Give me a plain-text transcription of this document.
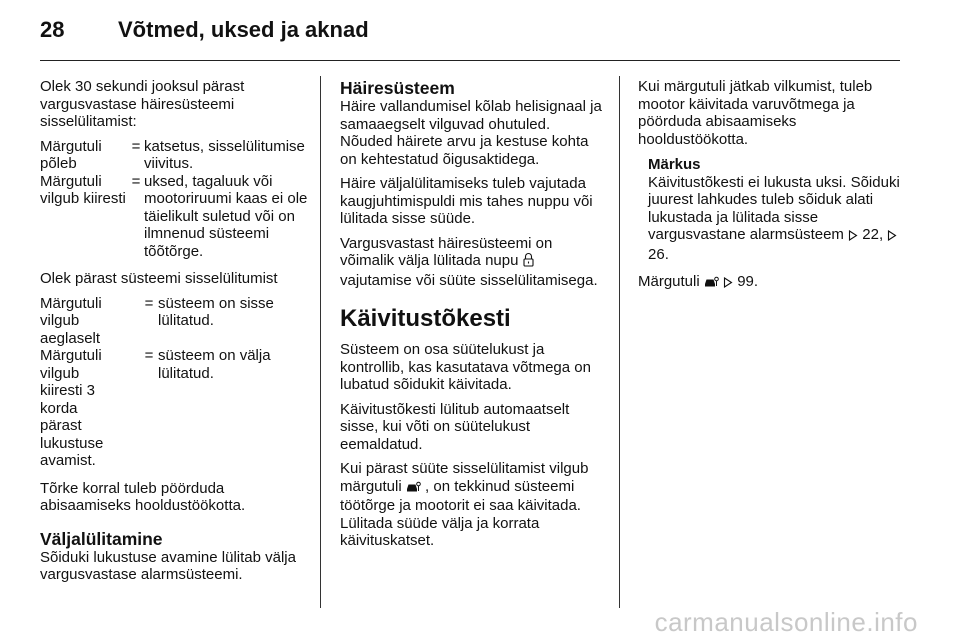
28 Võtmed, uksed ja aknad

Olek 30 sekundi jooksul pärast vargusvastase häiresüsteemi sisselülitamist:

Märgutuli põleb	=	katsetus, sisselülitumise viivitus.
Märgutuli vilgub kiiresti	=	uksed, tagaluuk või mootoriruumi kaas ei ole täielikult suletud või on ilmnenud süsteemi tõõtõrge.

Olek pärast süsteemi sisselülitumist

Märgutuli vilgub aeglaselt	=	süsteem on sisse lülitatud.
Märgutuli vilgub kiiresti 3 korda pärast lukustuse avamist.	=	süsteem on välja lülitatud.

Tõrke korral tuleb pöörduda abisaamiseks hooldustöökotta.

Väljalülitamine

Sõiduki lukustuse avamine lülitab välja vargusvastase alarmsüsteemi.

Häiresüsteem

Häire vallandumisel kõlab helisignaal ja samaaegselt vilguvad ohutuled. Nõuded häirete arvu ja kestuse kohta on kehtestatud õigusaktidega.

Häire väljalülitamiseks tuleb vajutada kaugjuhtimispuldi mis tahes nuppu või lülitada sisse süüde.

Vargusvastast häiresüsteemi on võimalik välja lülitada nupu  vajutamise või süüte sisselülitamisega.

Käivitustõkesti

Süsteem on osa süütelukust ja kontrollib, kas kasutatava võtmega on lubatud sõidukit käivitada.

Käivitustõkesti lülitub automaatselt sisse, kui võti on süütelukust eemaldatud.

Kui pärast süüte sisselülitamist vilgub märgutuli , on tekkinud süsteemi töötõrge ja mootorit ei saa käivitada. Lülitada süüde välja ja korrata käivituskatset.

Kui märgutuli jätkab vilkumist, tuleb mootor käivitada varuvõtmega ja pöörduda abisaamiseks hooldustöökotta.

Märkus
Käivitustõkesti ei lukusta uksi. Sõiduki juurest lahkudes tuleb sõiduk alati lukustada ja lülitada sisse vargusvastane alarmsüsteem 22,  26.

Märgutuli	99.

carmanualsonline.info
